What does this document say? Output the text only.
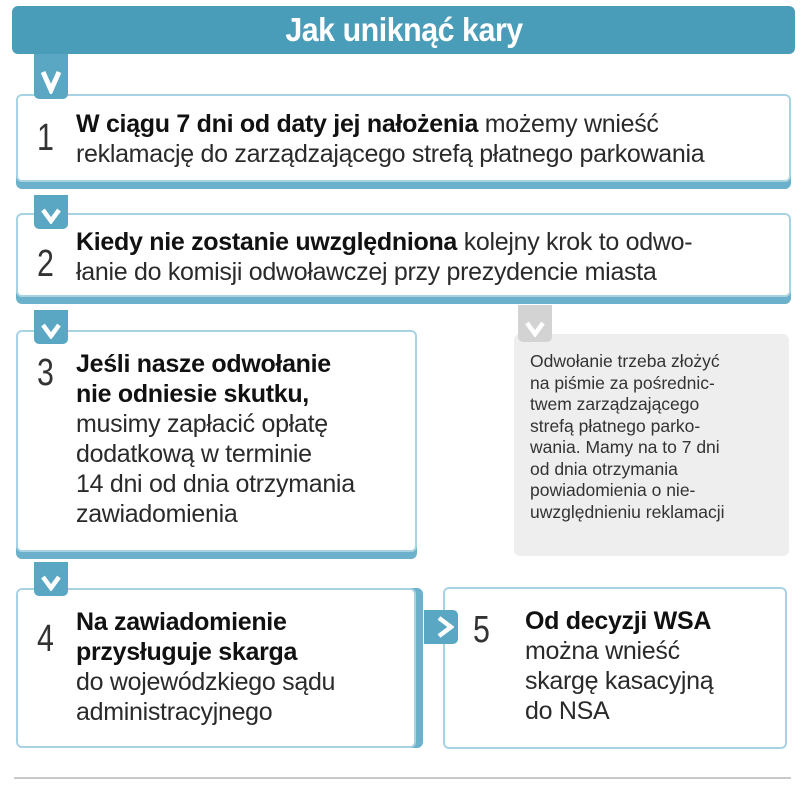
Jak uniknąć kary
1 W ciągu 7 dni od daty jej nałożenia możemy wnieść
reklamację do zarządzającego strefą płatnego parkowania
2
Kiedy nie zostanie uwzględniona kolejny krok to odwo-
łanie do komisji odwoławczej przy prezydencie miasta
3 Jeśli nasze odwołanie
nie odniesie skutku,
musimy zapłacić opłatę
dodatkową w terminie
14 dni od dnia otrzymania
zawiadomienia
Odwołanie trzeba złożyć
na piśmie za pośrednic-
twem zarządzającego
strefą płatnego parko-
wania. Mamy na to 7 dni
od dnia otrzymania
powiadomienia o nie-
uwzględnieniu reklamacji
4 Na zawiadomienie
przysługuje skarga
do wojewódzkiego sądu
administracyjnego
5 Od decyzji WSA
można wnieść
skargę kasacyjną
do NSA
